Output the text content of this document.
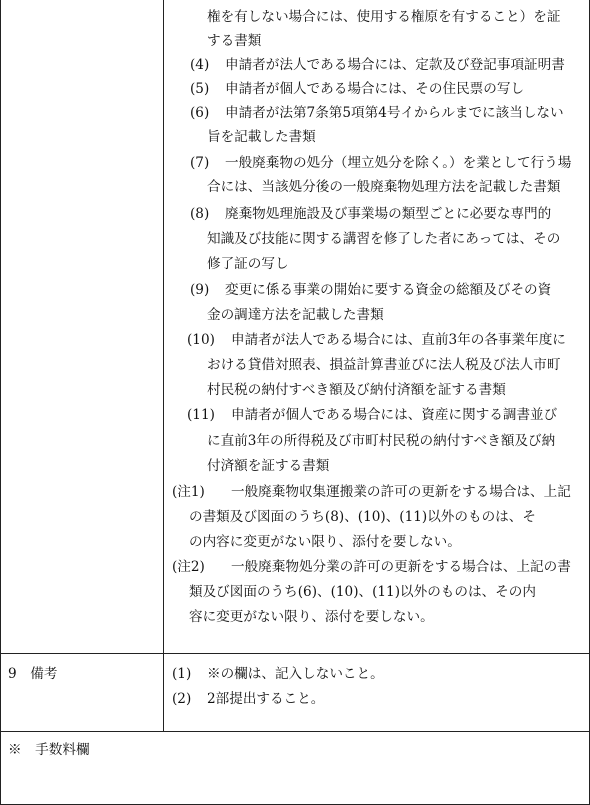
権を有しない場合には、使用する権原を有すること）を証
する書類
(4) 申請者が法人である場合には、定款及び登記事項証明書
(5) 申請者が個人である場合には、その住民票の写し
(6) 申請者が法第7条第5項第4号イからルまでに該当しない
旨を記載した書類
(7) 一般廃棄物の処分（埋立処分を除く。）を業として行う場
合には、当該処分後の一般廃棄物処理方法を記載した書類
(8) 廃棄物処理施設及び事業場の類型ごとに必要な専門的
知識及び技能に関する講習を修了した者にあっては、その
修了証の写し
(9) 変更に係る事業の開始に要する資金の総額及びその資
金の調達方法を記載した書類
(10) 申請者が法人である場合には、直前3年の各事業年度に
おける貸借対照表、損益計算書並びに法人税及び法人市町
村民税の納付すべき額及び納付済額を証する書類
(11) 申請者が個人である場合には、資産に関する調書並び
に直前3年の所得税及び市町村民税の納付すべき額及び納
付済額を証する書類
(注1) 一般廃棄物収集運搬業の許可の更新をする場合は、上記
の書類及び図面のうち(8)、(10)、(11)以外のものは、そ
の内容に変更がない限り、添付を要しない。
(注2) 一般廃棄物処分業の許可の更新をする場合は、上記の書
類及び図面のうち(6)、(10)、(11)以外のものは、その内
容に変更がない限り、添付を要しない。
9　備考	(1) ※の欄は、記入しないこと。
(2) 2部提出すること。
※　手数料欄
